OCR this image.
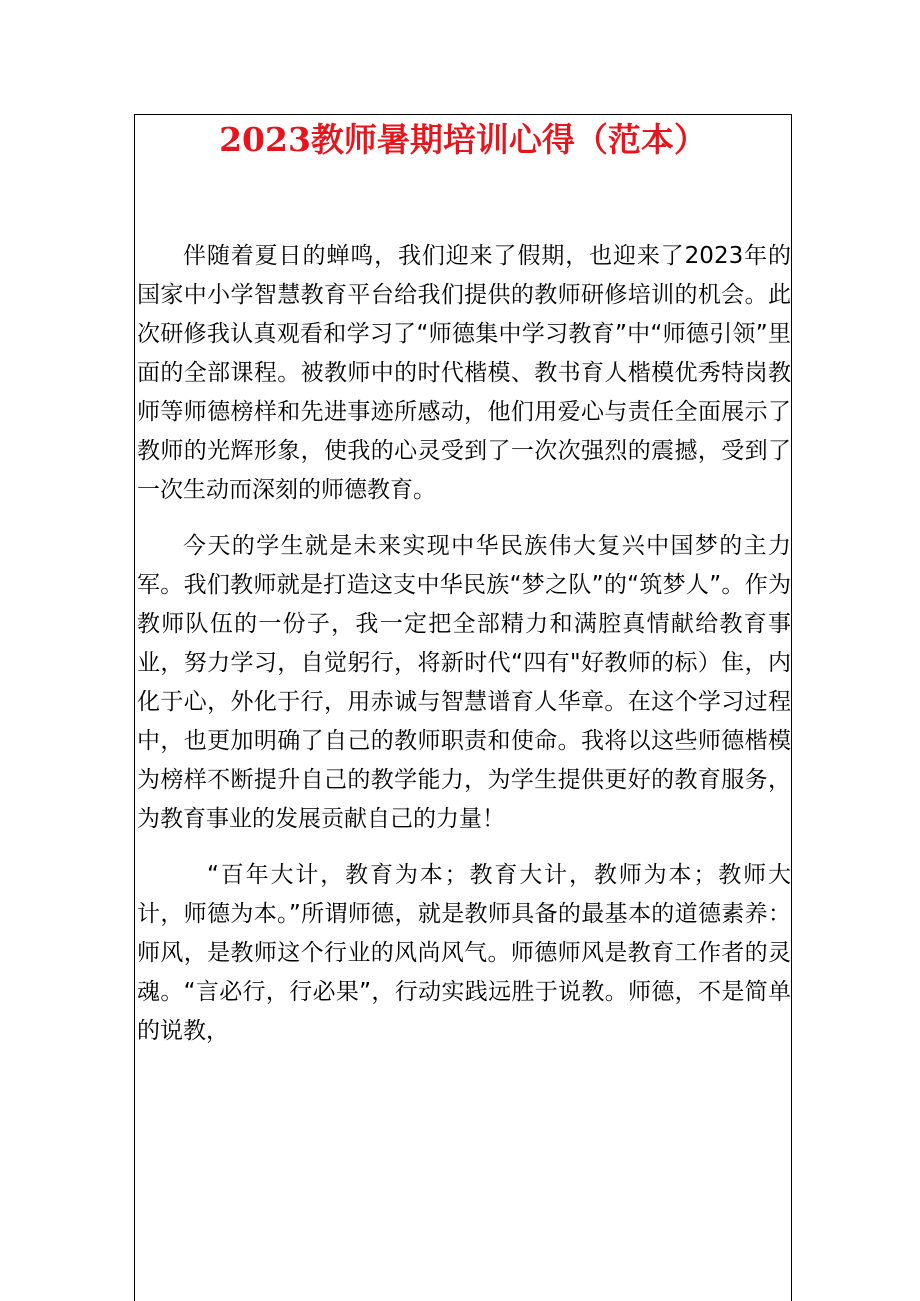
2023教师暑期培训心得（范本）

伴随着夏日的蝉鸣，我们迎来了假期，也迎来了2023年的国家中小学智慧教育平台给我们提供的教师研修培训的机会。此次研修我认真观看和学习了“师德集中学习教育”中“师德引领”里面的全部课程。被教师中的时代楷模、教书育人楷模优秀特岗教师等师德榜样和先进事迹所感动，他们用爱心与责任全面展示了教师的光辉形象，使我的心灵受到了一次次强烈的震撼，受到了一次生动而深刻的师德教育。

今天的学生就是未来实现中华民族伟大复兴中国梦的主力军。我们教师就是打造这支中华民族“梦之队”的“筑梦人”。作为教师队伍的一份子，我一定把全部精力和满腔真情献给教育事业，努力学习，自觉躬行，将新时代“四有"好教师的标）隹，内化于心，外化于行，用赤诚与智慧谱育人华章。在这个学习过程中，也更加明确了自己的教师职责和使命。我将以这些师德楷模为榜样不断提升自己的教学能力，为学生提供更好的教育服务，为教育事业的发展贡献自己的力量！

“百年大计，教育为本；教育大计，教师为本；教师大计，师德为本。”所谓师德，就是教师具备的最基本的道德素养：师风，是教师这个行业的风尚风气。师德师风是教育工作者的灵魂。“言必行，行必果”，行动实践远胜于说教。师德，不是简单的说教，
